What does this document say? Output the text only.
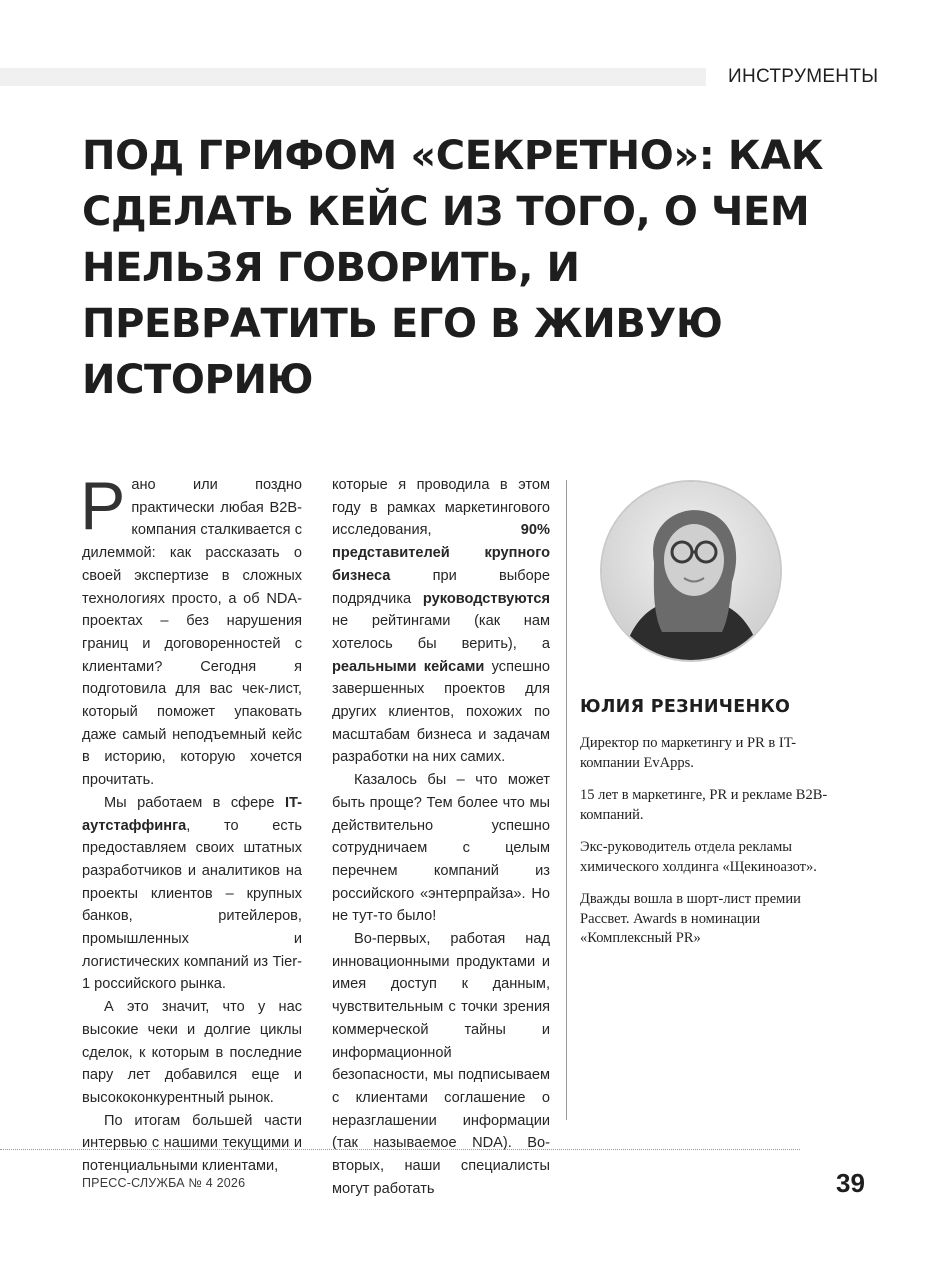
ИНСТРУМЕНТЫ
ПОД ГРИФОМ «СЕКРЕТНО»: КАК СДЕЛАТЬ КЕЙС ИЗ ТОГО, О ЧЕМ НЕЛЬЗЯ ГОВОРИТЬ, И ПРЕВРАТИТЬ ЕГО В ЖИВУЮ ИСТОРИЮ

Рано или поздно практически любая B2B-компания сталкивается с дилеммой: как рассказать о своей экспертизе в сложных технологиях просто, а об NDA-проектах – без нарушения границ и договоренностей с клиентами? Сегодня я подготовила для вас чек-лист, который поможет упаковать даже самый неподъемный кейс в историю, которую хочется прочитать.

Мы работаем в сфере IT-аутстаффинга, то есть предоставляем своих штатных разработчиков и аналитиков на проекты клиентов – крупных банков, ритейлеров, промышленных и логистических компаний из Tier-1 российского рынка.

А это значит, что у нас высокие чеки и долгие циклы сделок, к которым в последние пару лет добавился еще и высококонкурентный рынок.

По итогам большей части интервью с нашими текущими и потенциальными клиентами,

которые я проводила в этом году в рамках маркетингового исследования, 90% представителей крупного бизнеса при выборе подрядчика руководствуются не рейтингами (как нам хотелось бы верить), а реальными кейсами успешно завершенных проектов для других клиентов, похожих по масштабам бизнеса и задачам разработки на них самих.

Казалось бы – что может быть проще? Тем более что мы действительно успешно сотрудничаем с целым перечнем компаний из российского «энтерпрайза». Но не тут-то было!

Во-первых, работая над инновационными продуктами и имея доступ к данным, чувствительным с точки зрения коммерческой тайны и информационной безопасности, мы подписываем с клиентами соглашение о неразглашении информации (так называемое NDA). Во-вторых, наши специалисты могут работать

ЮЛИЯ РЕЗНИЧЕНКО

Директор по маркетингу и PR в IT-компании EvApps.

15 лет в маркетинге, PR и рекламе B2B-компаний.

Экс-руководитель отдела рекламы химического холдинга «Щекиноазот».

Дважды вошла в шорт-лист премии Рассвет. Awards в номинации «Комплексный PR»

ПРЕСС-СЛУЖБА № 4 2026	39
